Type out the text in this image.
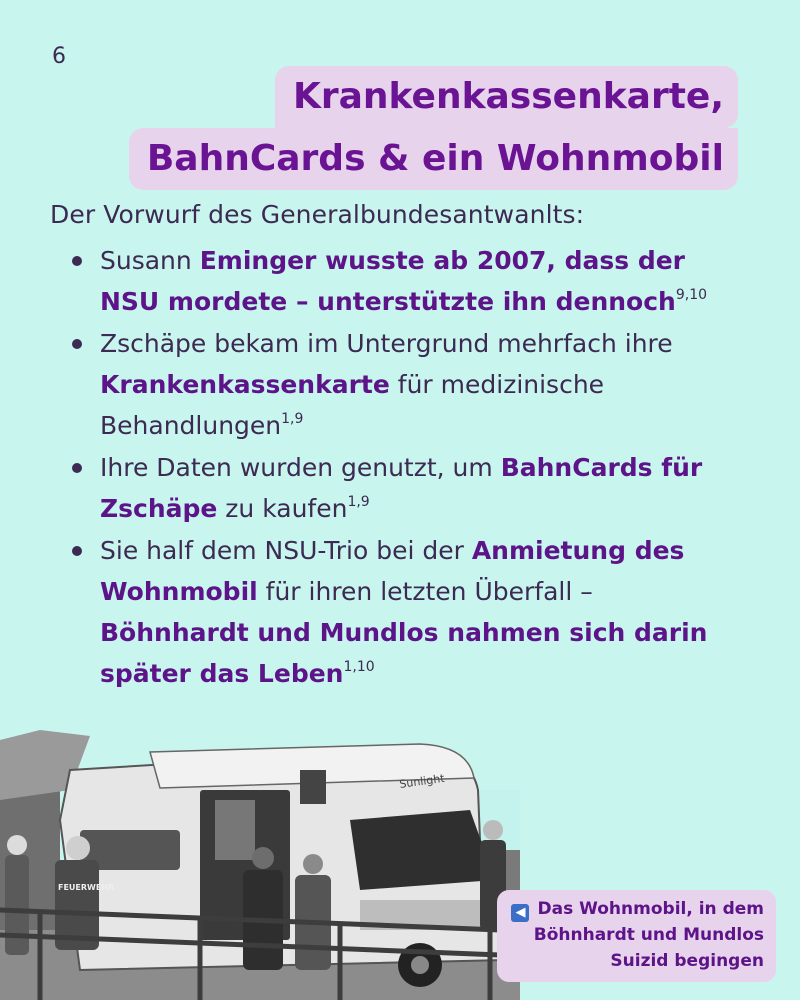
6
Krankenkassenkarte,
BahnCards & ein Wohnmobil
Der Vorwurf des Generalbundesantwanlts:
Susann Eminger wusste ab 2007, dass der NSU mordete – unterstützte ihn dennoch$^{9,10}$
Zschäpe bekam im Untergrund mehrfach ihre Krankenkassenkarte für medizinische Behandlungen$^{1,9}$
Ihre Daten wurden genutzt, um BahnCards für Zschäpe zu kaufen$^{1,9}$
Sie half dem NSU-Trio bei der Anmietung des Wohnmobil für ihren letzten Überfall – Böhnhardt und Mundlos nahmen sich darin später das Leben$^{1,10}$
Sunlight
FEUERWEHR
◀ Das Wohnmobil, in dem
Böhnhardt und Mundlos
Suizid begingen
